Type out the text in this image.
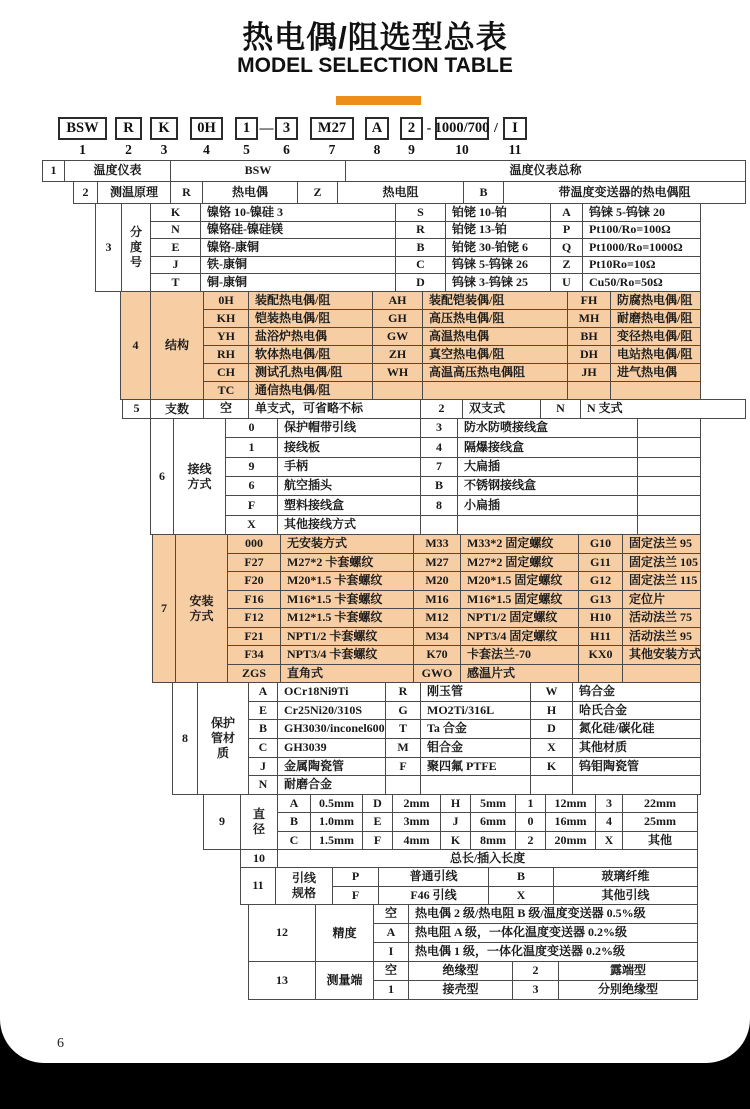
热电偶/阻选型总表
MODEL SELECTION TABLE
BSW
1
R
2
K
3
0H
4
1
5
— 3
6
M27
7
A
8
2
9
- 1000/700
10
/ I
11
1	温度仪表	BSW	温度仪表总称
2	测温原理	R	热电偶	Z	热电阻	B	带温度变送器的热电偶阻
3
分
度
号
K	镍铬 10-镍硅 3	S	铂铑 10-铂	A	钨铼 5-钨铼 20
N	镍铬硅-镍硅镁	R	铂铑 13-铂	P	Pt100/Ro=100Ω
E	镍铬-康铜	B	铂铑 30-铂铑 6	Q	Pt1000/Ro=1000Ω
J	铁-康铜	C	钨铼 5-钨铼 26	Z	Pt10Ro=10Ω
T	铜-康铜	D	钨铼 3-钨铼 25	U	Cu50/Ro=50Ω
4	结构
0H	装配热电偶/阻	AH	装配铠装偶/阻	FH	防腐热电偶/阻
KH	铠装热电偶/阻	GH	高压热电偶/阻	MH	耐磨热电偶/阻
YH	盐浴炉热电偶	GW	高温热电偶	BH	变径热电偶/阻
RH	软体热电偶/阻	ZH	真空热电偶/阻	DH	电站热电偶/阻
CH	测试孔热电偶/阻	WH	高温高压热电偶阻	JH	进气热电偶
TC	通信热电偶/阻
5	支数	空	单支式，可省略不标	2	双支式	N	N 支式
6
接线
方式
0	保护帽带引线	3	防水防喷接线盒
1	接线板	4	隔爆接线盒
9	手柄	7	大扁插
6	航空插头	B	不锈钢接线盒
F	塑料接线盒	8	小扁插
X	其他接线方式
7
安装
方式
000	无安装方式	M33	M33*2 固定螺纹	G10	固定法兰 95
F27	M27*2 卡套螺纹	M27	M27*2 固定螺纹	G11	固定法兰 105
F20	M20*1.5 卡套螺纹	M20	M20*1.5 固定螺纹	G12	固定法兰 115
F16	M16*1.5 卡套螺纹	M16	M16*1.5 固定螺纹	G13	定位片
F12	M12*1.5 卡套螺纹	M12	NPT1/2 固定螺纹	H10	活动法兰 75
F21	NPT1/2 卡套螺纹	M34	NPT3/4 固定螺纹	H11	活动法兰 95
F34	NPT3/4 卡套螺纹	K70	卡套法兰-70	KX0	其他安装方式
ZGS	直角式	GWO	感温片式
8
保护
管材
质
A	OCr18Ni9Ti	R	刚玉管	W	钨合金
E	Cr25Ni20/310S	G	MO2Ti/316L	H	哈氏合金
B	GH3030/inconel600	T	Ta 合金	D	氮化硅/碳化硅
C	GH3039	M	钼合金	X	其他材质
J	金属陶瓷管	F	聚四氟 PTFE	K	钨钼陶瓷管
N	耐磨合金
9
直
径
A	0.5mm	D	2mm	H	5mm	1	12mm	3	22mm
B	1.0mm	E	3mm	J	6mm	0	16mm	4	25mm
C	1.5mm	F	4mm	K	8mm	2	20mm	X	其他
10	总长/插入长度
11
引线
规格
P	普通引线	B	玻璃纤维
F	F46 引线	X	其他引线
12	精度
空	热电偶 2 级/热电阻 B 级/温度变送器 0.5%级
A	热电阻 A 级，一体化温度变送器 0.2%级
I	热电偶 1 级，一体化温度变送器 0.2%级
13	测量端
空	绝缘型	2	露端型
1	接壳型	3	分别绝缘型
6
